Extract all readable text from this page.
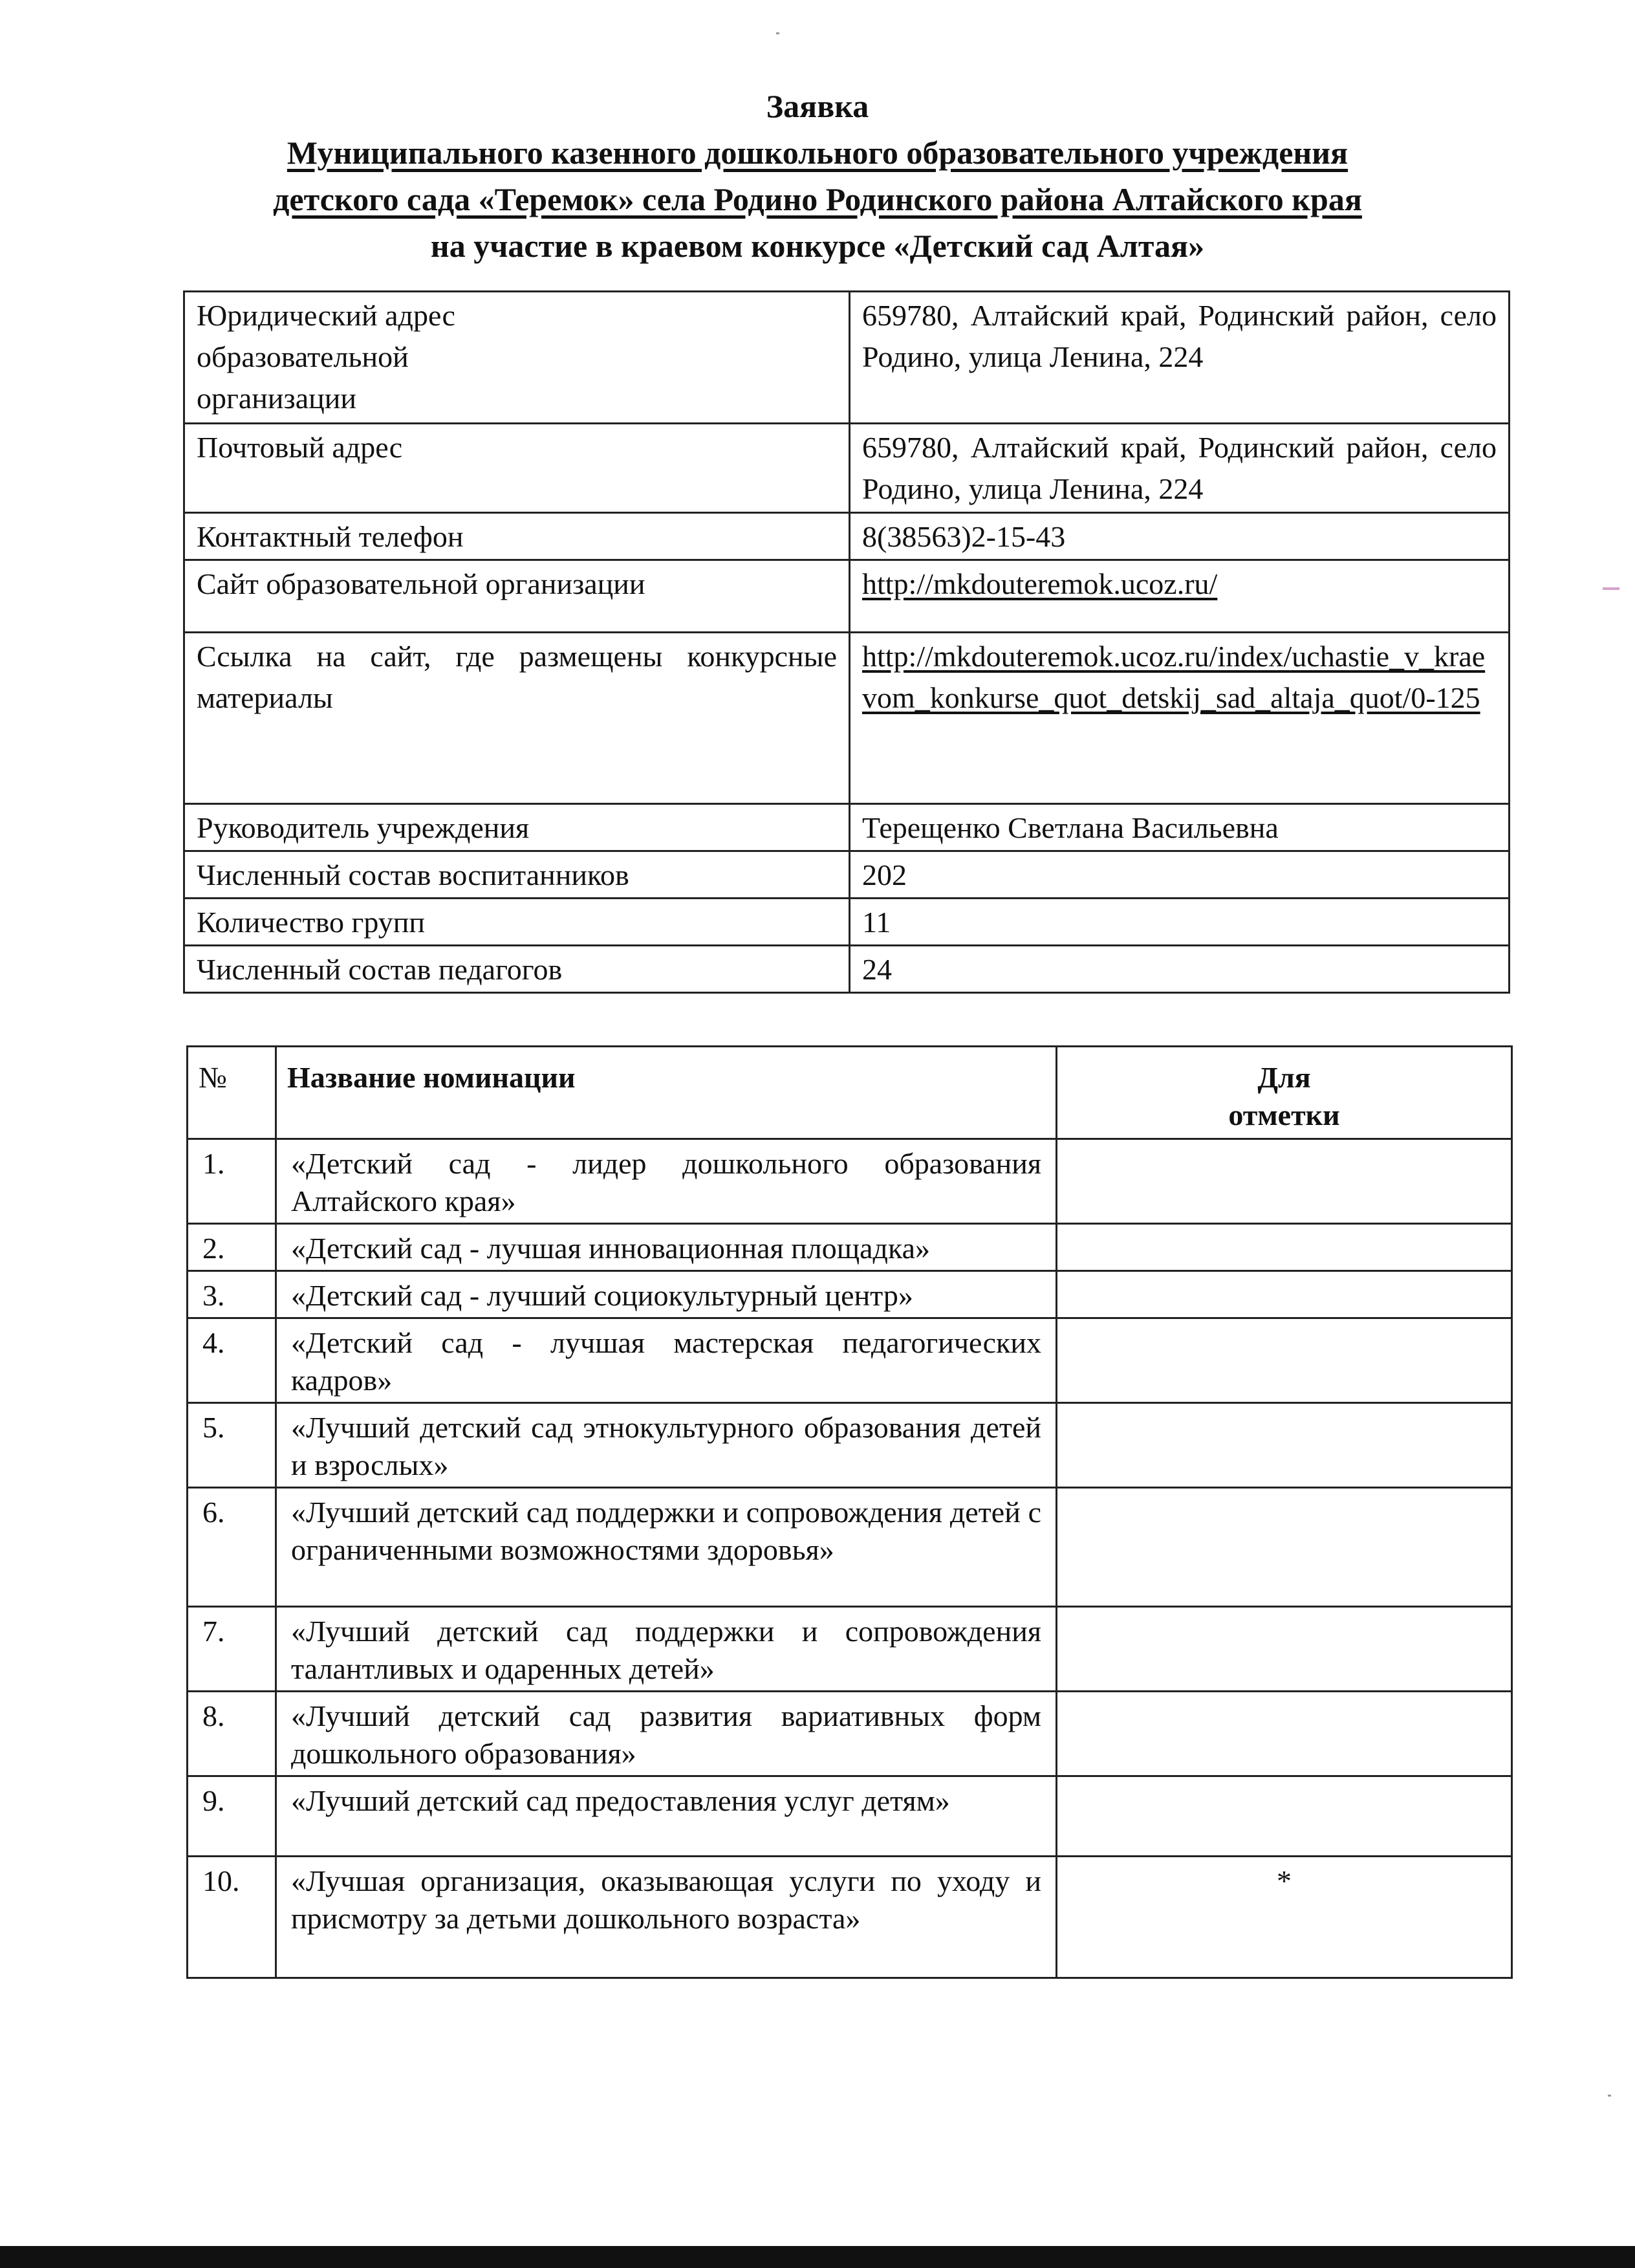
Заявка
Муниципального казенного дошкольного образовательного учреждения
детского сада «Теремок» села Родино Родинского района Алтайского края
на участие в краевом конкурсе «Детский сад Алтая»
Юридический адрес образовательной организации	659780, Алтайский край, Родинский район, село Родино, улица Ленина, 224
Почтовый адрес	659780, Алтайский край, Родинский район, село Родино, улица Ленина, 224
Контактный телефон	8(38563)2-15-43
Сайт образовательной организации	http://mkdouteremok.ucoz.ru/
Ссылка на сайт, где размещены конкурсные материалы	http://mkdouteremok.ucoz.ru/index/uchastie_v_kraevom_konkurse_quot_detskij_sad_altaja_quot/0-125
Руководитель учреждения	Терещенко Светлана Васильевна
Численный состав воспитанников	202
Количество групп	11
Численный состав педагогов	24
№	Название номинации	Для отметки

1.	«Детский сад - лидер дошкольного образования Алтайского края»	
2.	«Детский сад - лучшая инновационная площадка»	
3.	«Детский сад - лучший социокультурный центр»	
4.	«Детский сад - лучшая мастерская педагогических кадров»	
5.	«Лучший детский сад этнокультурного образования детей и взрослых»	
6.	«Лучший детский сад поддержки и сопровождения детей с ограниченными возможностями здоровья»	
7.	«Лучший детский сад поддержки и сопровождения талантливых и одаренных детей»	
8.	«Лучший детский сад развития вариативных форм дошкольного образования»	
9.	«Лучший детский сад предоставления услуг детям»	
10.	«Лучшая организация, оказывающая услуги по уходу и присмотру за детьми дошкольного возраста»	*
